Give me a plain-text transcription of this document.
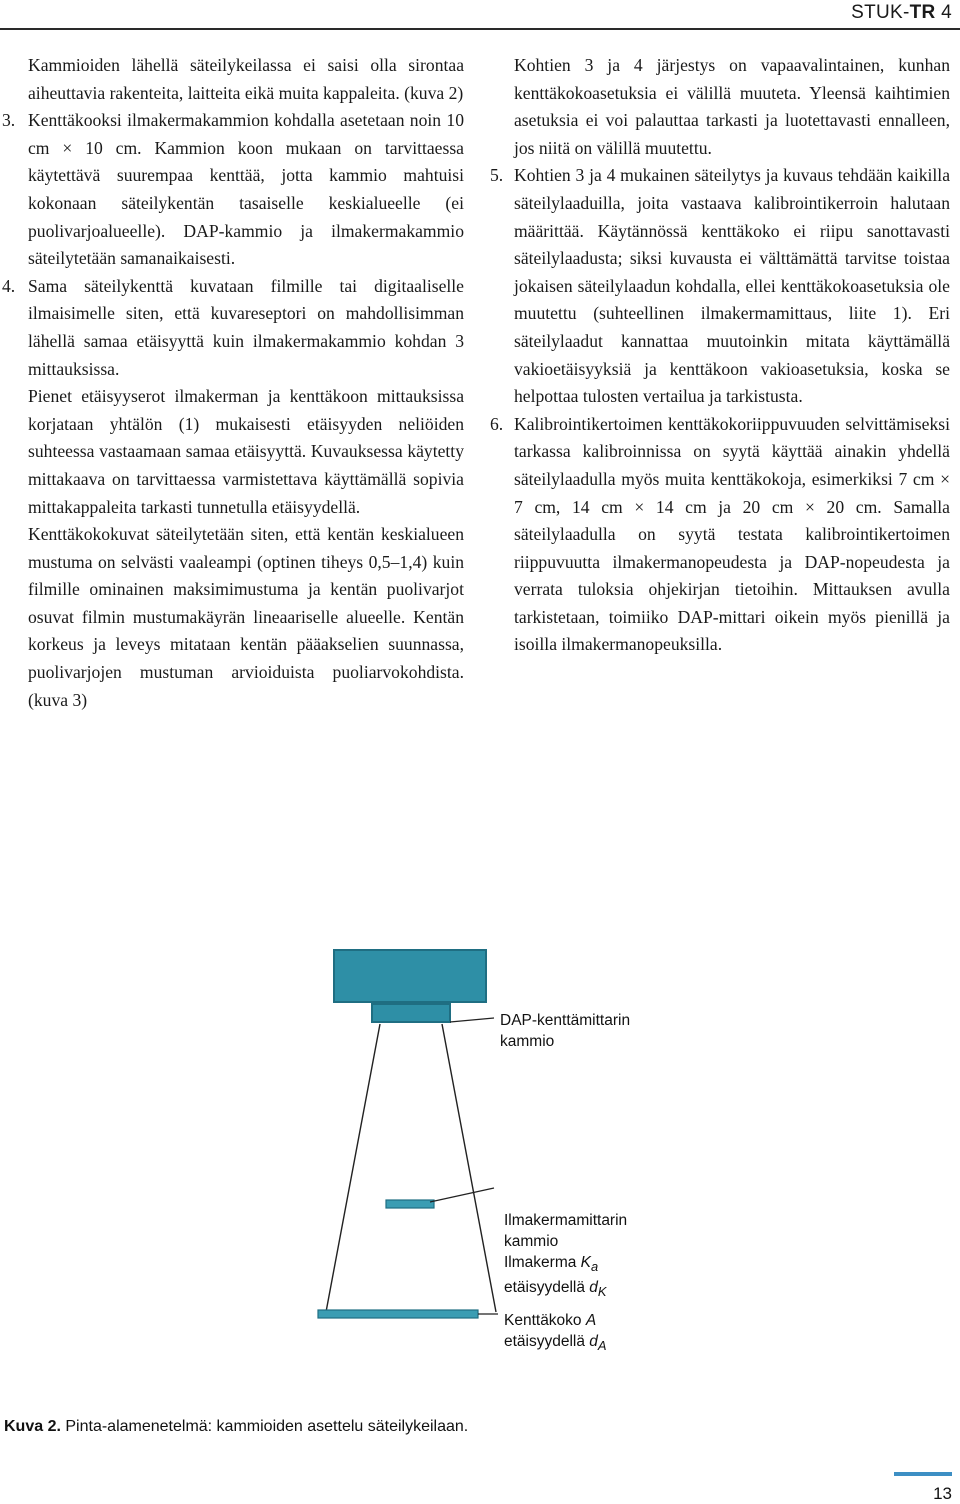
STUK-TR 4

Kammioiden lähellä säteilykeilassa ei saisi olla sirontaa aiheuttavia rakenteita, laitteita eikä muita kappaleita. (kuva 2)

3. Kenttäkooksi ilmakermakammion kohdalla asetetaan noin 10 cm × 10 cm. Kammion koon mukaan on tarvittaessa käytettävä suurempaa kenttää, jotta kammio mahtuisi kokonaan säteilykentän tasaiselle keskialueelle (ei puolivarjoalueelle). DAP-kammio ja ilmakermakammio säteilytetään samanaikaisesti.

4. Sama säteilykenttä kuvataan filmille tai digitaaliselle ilmaisimelle siten, että kuvareseptori on mahdollisimman lähellä samaa etäisyyttä kuin ilmakermakammio kohdan 3 mittauksissa.

Pienet etäisyyserot ilmakerman ja kenttäkoon mittauksissa korjataan yhtälön (1) mukaisesti etäisyyden neliöiden suhteessa vastaamaan samaa etäisyyttä. Kuvauksessa käytetty mittakaava on tarvittaessa varmistettava käyttämällä sopivia mittakappaleita tarkasti tunnetulla etäisyydellä.

Kenttäkokokuvat säteilytetään siten, että kentän keskialueen mustuma on selvästi vaaleampi (optinen tiheys 0,5–1,4) kuin filmille ominainen maksimimustuma ja kentän puolivarjot osuvat filmin mustumakäyrän lineaariselle alueelle. Kentän korkeus ja leveys mitataan kentän pääakselien suunnassa, puolivarjojen mustuman arvioiduista puoliarvokohdista. (kuva 3)

Kohtien 3 ja 4 järjestys on vapaavalintainen, kunhan kenttäkokoasetuksia ei välillä muuteta. Yleensä kaihtimien asetuksia ei voi palauttaa tarkasti ja luotettavasti ennalleen, jos niitä on välillä muutettu.

5. Kohtien 3 ja 4 mukainen säteilytys ja kuvaus tehdään kaikilla säteilylaaduilla, joita vastaava kalibrointikerroin halutaan määrittää. Käytännössä kenttäkoko ei riipu sanottavasti säteilylaadusta; siksi kuvausta ei välttämättä tarvitse toistaa jokaisen säteilylaadun kohdalla, ellei kenttäkokoasetuksia ole muutettu (suhteellinen ilmakermamittaus, liite 1). Eri säteilylaadut kannattaa muutoinkin mitata käyttämällä vakioetäisyyksiä ja kenttäkoon vakioasetuksia, koska se helpottaa tulosten vertailua ja tarkistusta.

6. Kalibrointikertoimen kenttäkokoriippuvuuden selvittämiseksi tarkassa kalibroinnissa on syytä käyttää ainakin yhdellä säteilylaadulla myös muita kenttäkokoja, esimerkiksi 7 cm × 7 cm, 14 cm × 14 cm ja 20 cm × 20 cm. Samalla säteilylaadulla on syytä testata kalibrointikertoimen riippuvuutta ilmakermanopeudesta ja DAP-nopeudesta ja verrata tuloksia ohjekirjan tietoihin. Mittauksen avulla tarkistetaan, toimiiko DAP-mittari oikein myös pienillä ja isoilla ilmakermanopeuksilla.

DAP-kenttämittarin
kammio
Ilmakermamittarin
kammio
Ilmakerma $K_a$
etäisyydellä $d_K$
Kenttäkoko A
etäisyydellä $d_A$
Kuva 2. Pinta-alamenetelmä: kammioiden asettelu säteilykeilaan.
13
